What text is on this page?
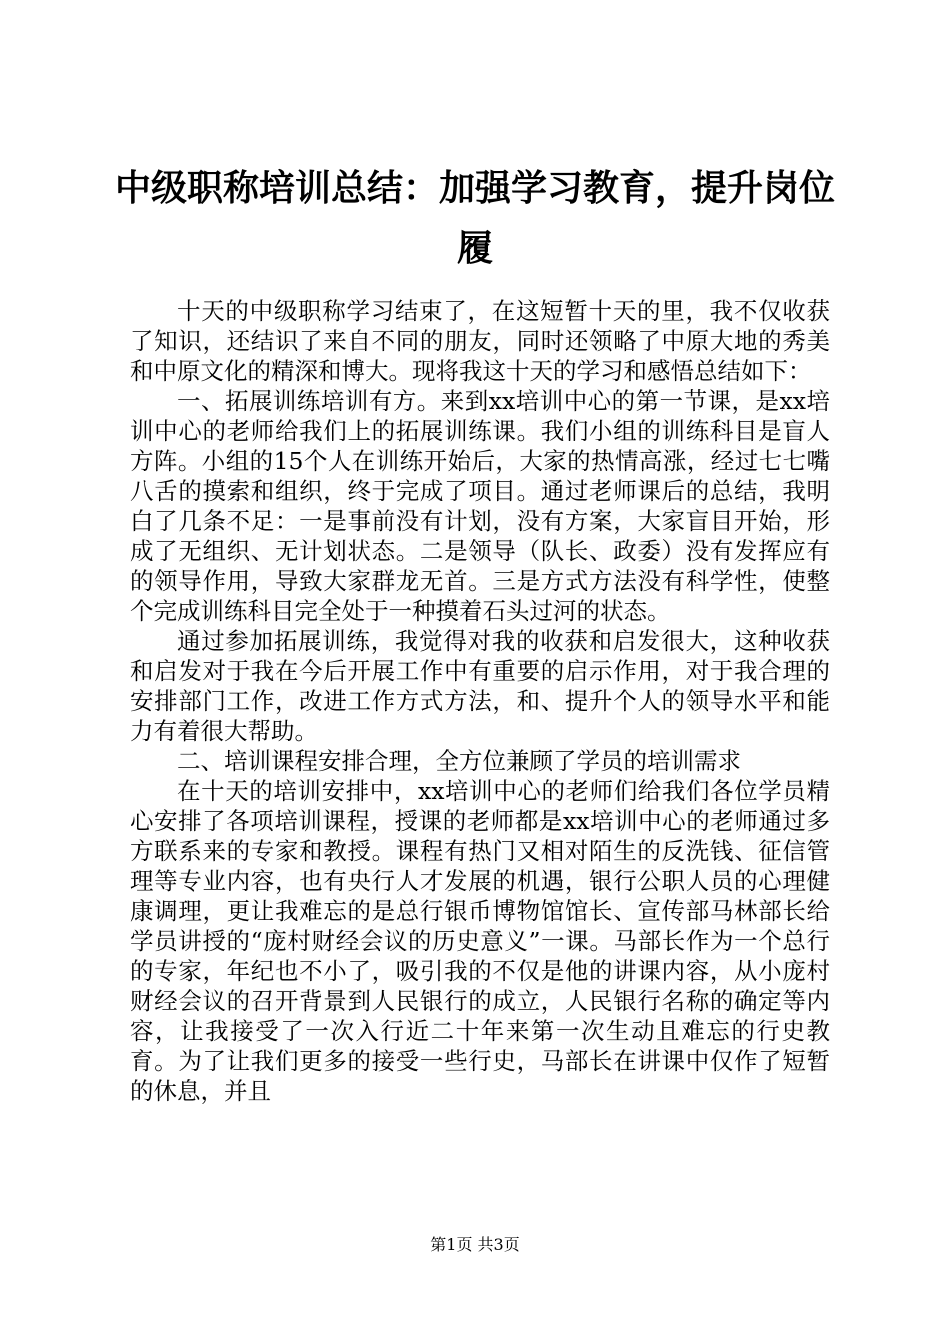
中级职称培训总结：加强学习教育，提升岗位履

十天的中级职称学习结束了，在这短暂十天的里，我不仅收获了知识，还结识了来自不同的朋友，同时还领略了中原大地的秀美和中原文化的精深和博大。现将我这十天的学习和感悟总结如下：

一、拓展训练培训有方。来到xx培训中心的第一节课，是xx培训中心的老师给我们上的拓展训练课。我们小组的训练科目是盲人方阵。小组的15个人在训练开始后，大家的热情高涨，经过七七嘴八舌的摸索和组织，终于完成了项目。通过老师课后的总结，我明白了几条不足：一是事前没有计划，没有方案，大家盲目开始，形成了无组织、无计划状态。二是领导（队长、政委）没有发挥应有的领导作用，导致大家群龙无首。三是方式方法没有科学性，使整个完成训练科目完全处于一种摸着石头过河的状态。

通过参加拓展训练，我觉得对我的收获和启发很大，这种收获和启发对于我在今后开展工作中有重要的启示作用，对于我合理的安排部门工作，改进工作方式方法，和、提升个人的领导水平和能力有着很大帮助。

二、培训课程安排合理，全方位兼顾了学员的培训需求

在十天的培训安排中，xx培训中心的老师们给我们各位学员精心安排了各项培训课程，授课的老师都是xx培训中心的老师通过多方联系来的专家和教授。课程有热门又相对陌生的反洗钱、征信管理等专业内容，也有央行人才发展的机遇，银行公职人员的心理健康调理，更让我难忘的是总行银币博物馆馆长、宣传部马林部长给学员讲授的“庞村财经会议的历史意义”一课。马部长作为一个总行的专家，年纪也不小了，吸引我的不仅是他的讲课内容，从小庞村财经会议的召开背景到人民银行的成立，人民银行名称的确定等内容，让我接受了一次入行近二十年来第一次生动且难忘的行史教育。为了让我们更多的接受一些行史，马部长在讲课中仅作了短暂的休息，并且

第1页 共3页
